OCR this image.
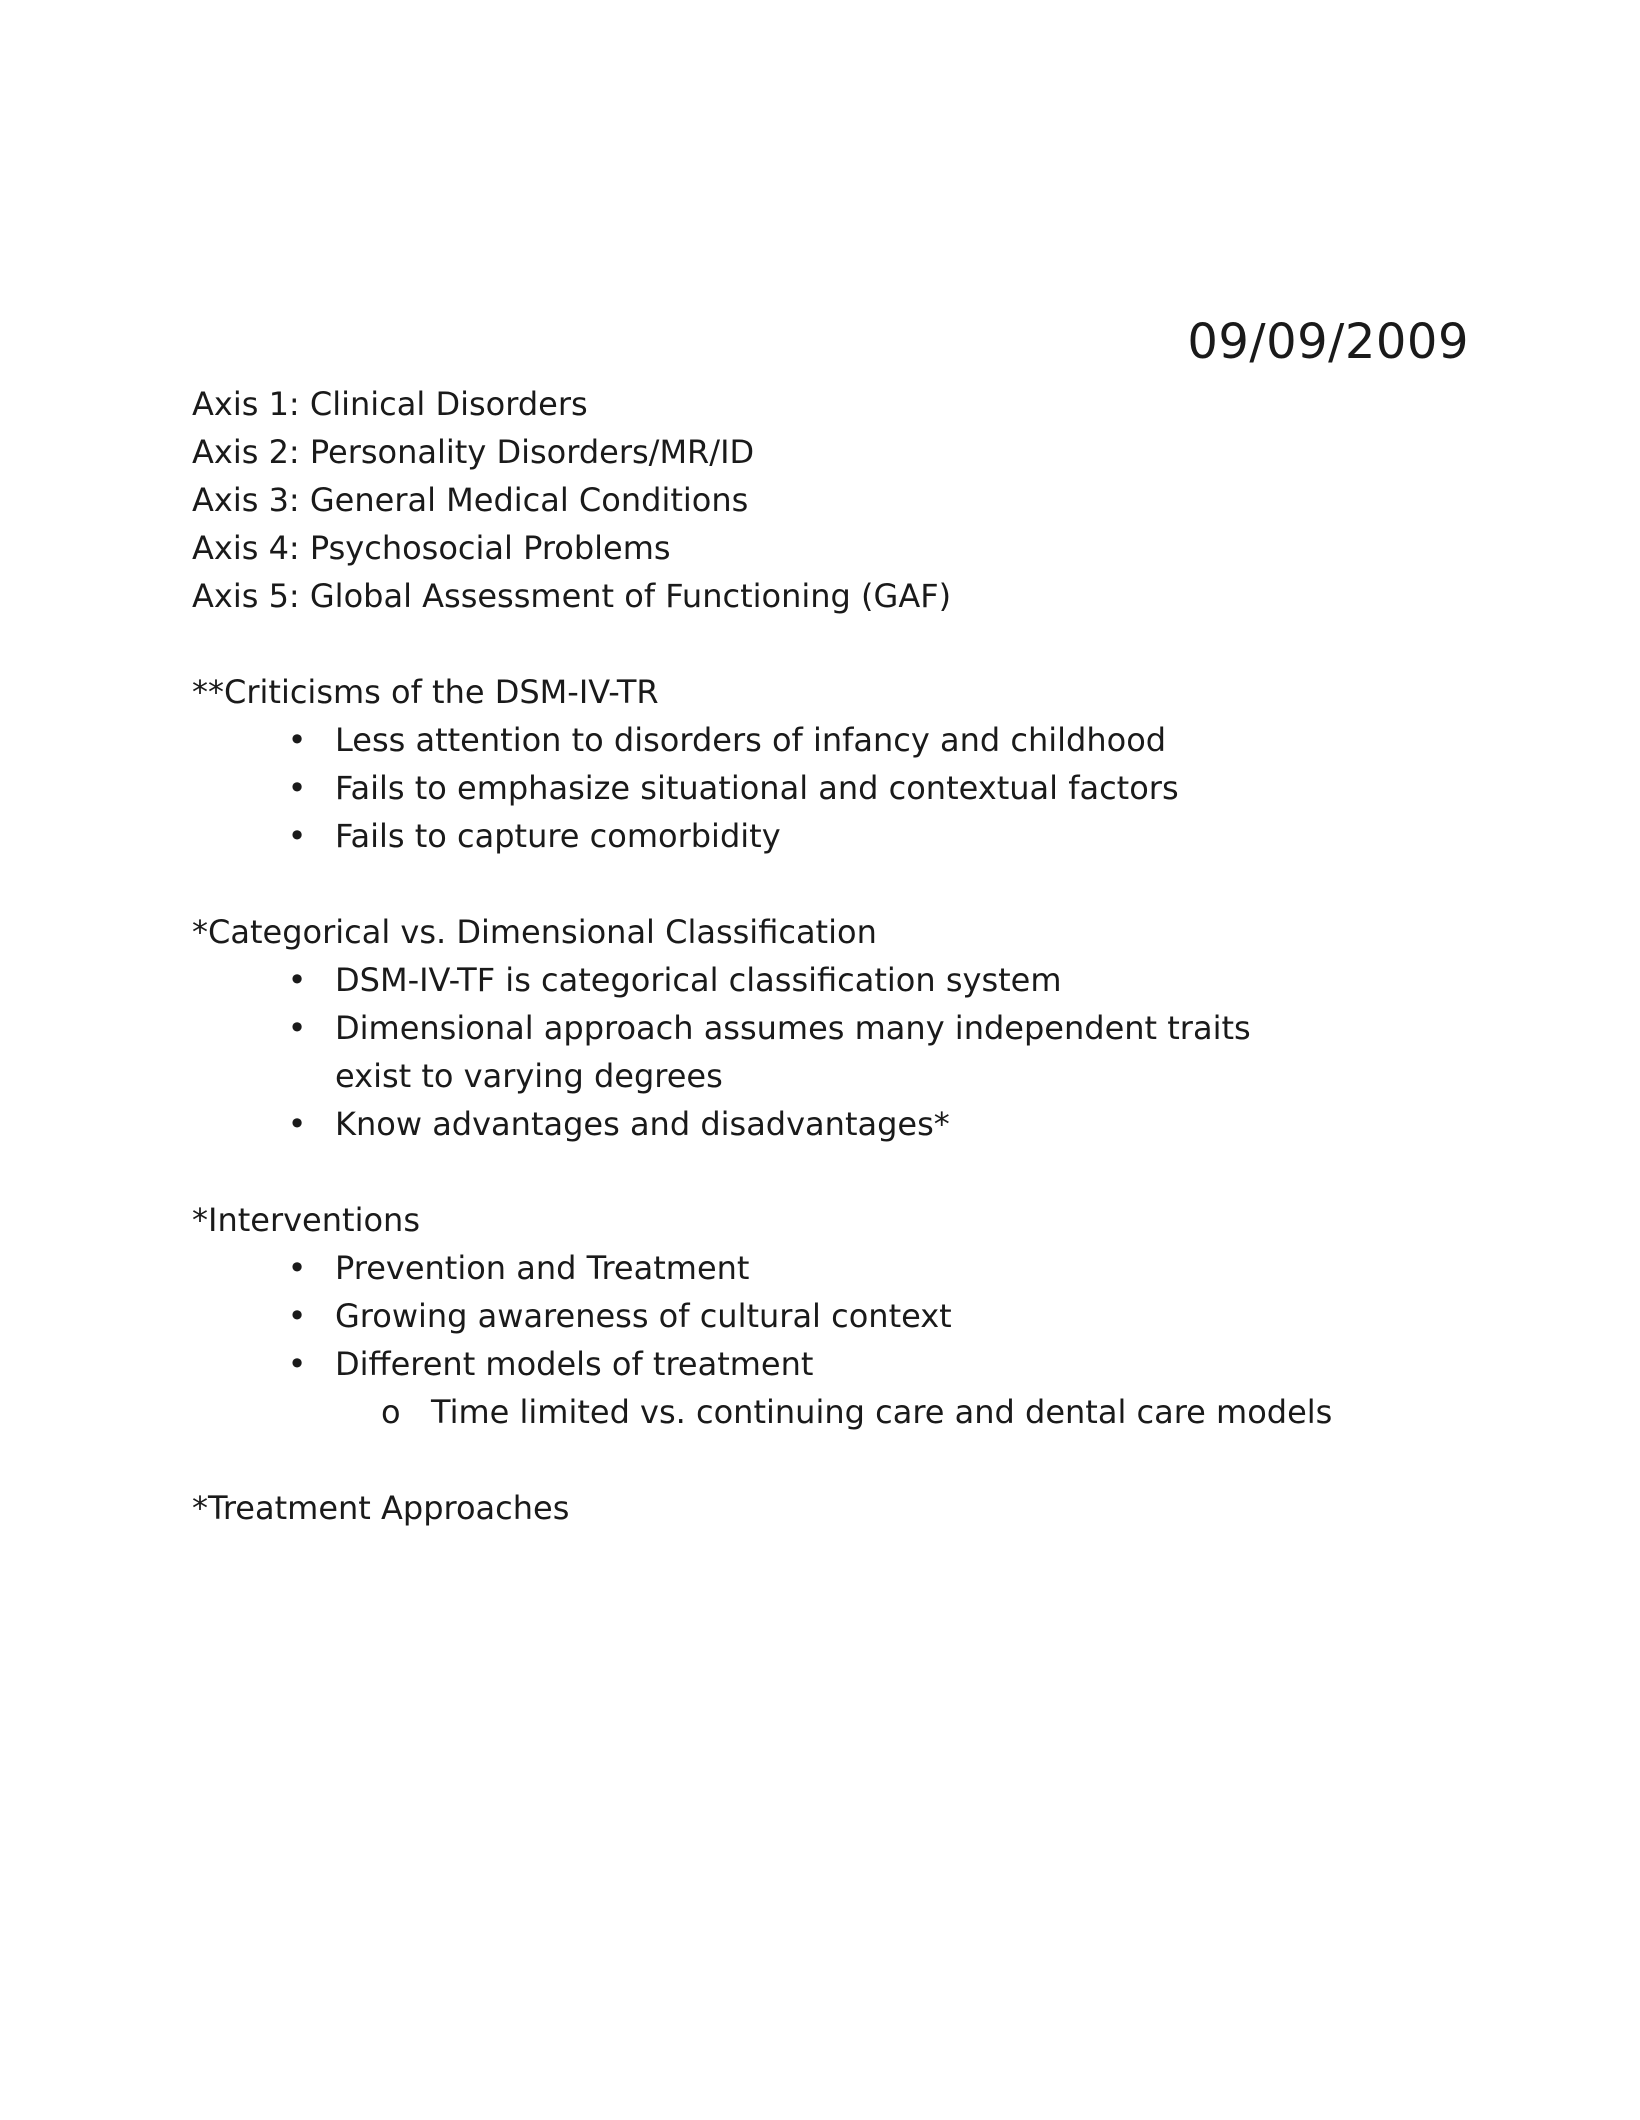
09/09/2009

Axis 1: Clinical Disorders

Axis 2: Personality Disorders/MR/ID

Axis 3: General Medical Conditions

Axis 4: Psychosocial Problems

Axis 5: Global Assessment of Functioning (GAF)

**Criticisms of the DSM-IV-TR

• Less attention to disorders of infancy and childhood
• Fails to emphasize situational and contextual factors
• Fails to capture comorbidity

*Categorical vs. Dimensional Classification

• DSM-IV-TF is categorical classification system
• Dimensional approach assumes many independent traits exist to varying degrees
• Know advantages and disadvantages*

*Interventions

• Prevention and Treatment
• Growing awareness of cultural context
• Different models of treatment
o Time limited vs. continuing care and dental care models

*Treatment Approaches
